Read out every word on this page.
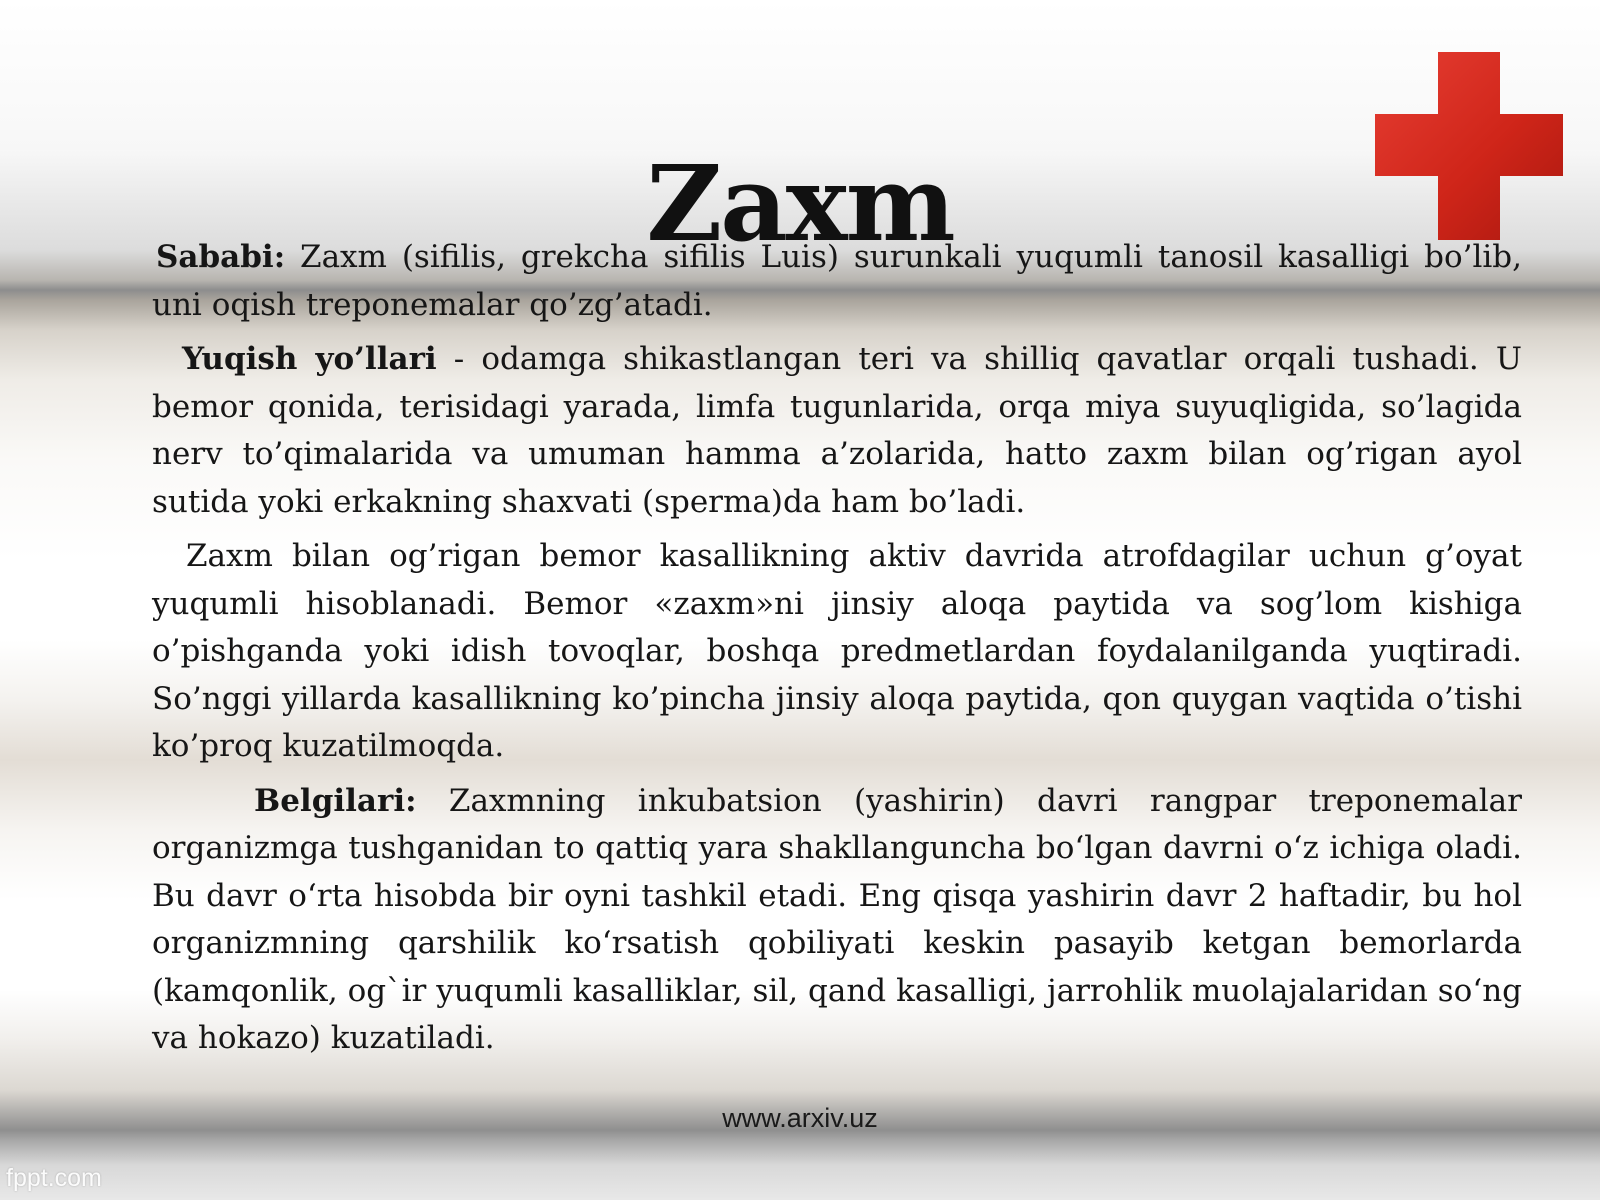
Zaxm

Sababi: Zaxm (sifilis, grekcha sifilis Luis) surunkali yuqumli tanosil kasalligi bo’lib, uni oqish treponemalar qo’zg’atadi.

Yuqish yo’llari - odamga shikastlangan teri va shilliq qavatlar orqali tushadi. U bemor qonida, terisidagi yarada, limfa tugunlarida, orqa miya suyuqligida, so’lagida nerv to’qimalarida va umuman hamma a’zolarida, hatto zaxm bilan og’rigan ayol sutida yoki erkakning shaxvati (sperma)da ham bo’ladi.

Zaxm bilan og’rigan bemor kasallikning aktiv davrida atrofdagilar uchun g’oyat yuqumli hisoblanadi. Bemor «zaxm»ni jinsiy aloqa paytida va sog’lom kishiga o’pishganda yoki idish tovoqlar, boshqa predmetlardan foydalanilganda yuqtiradi. So’nggi yillarda kasallikning ko’pincha jinsiy aloqa paytida, qon quygan vaqtida o’tishi ko’proq kuzatilmoqda.

Belgilari: Zaxmning inkubatsion (yashirin) davri rangpar treponemalar organizmga tushganidan to qattiq yara shakllanguncha bo‘lgan davrni o‘z ichiga oladi. Bu davr o‘rta hisobda bir oyni tashkil etadi. Eng qisqa yashirin davr 2 haftadir, bu hol organizmning qarshilik ko‘rsatish qobiliyati keskin pasayib ketgan bemorlarda (kamqonlik, og`ir yuqumli kasalliklar, sil, qand kasalligi, jarrohlik muolajalaridan so‘ng va hokazo) kuzatiladi.

www.arxiv.uz
fppt.com
